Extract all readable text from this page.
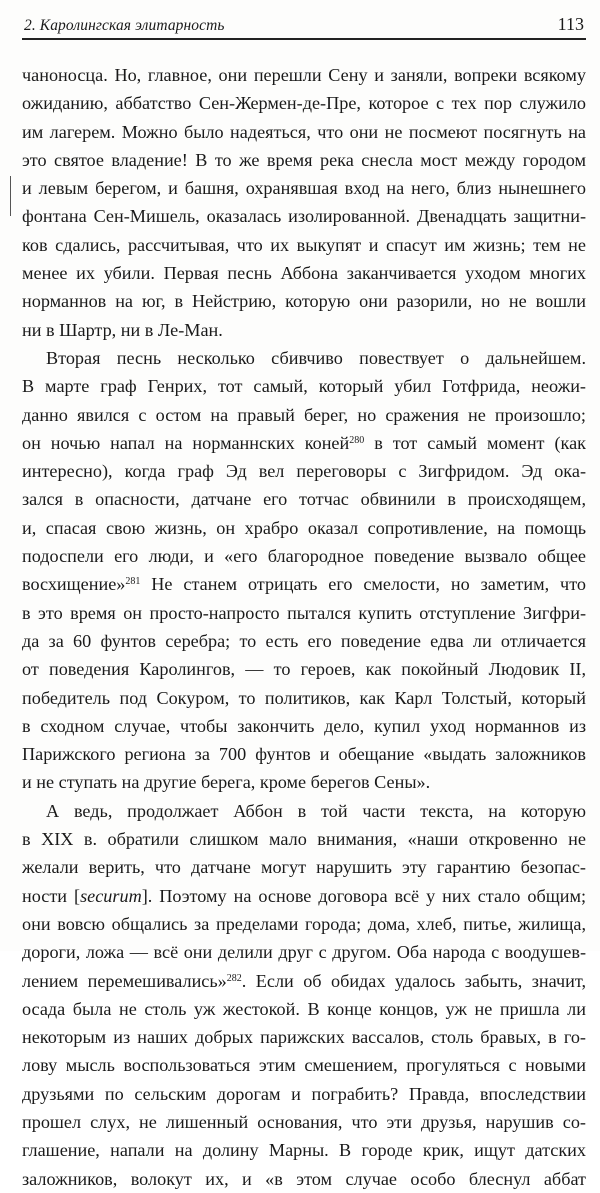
2. Каролингская элитарность	113
чаноносца. Но, главное, они перешли Сену и заняли, вопреки всякому
ожиданию, аббатство Сен-Жермен-де-Пре, которое с тех пор служило
им лагерем. Можно было надеяться, что они не посмеют посягнуть на
это святое владение! В то же время река снесла мост между городом
и левым берегом, и башня, охранявшая вход на него, близ нынешнего
фонтана Сен-Мишель, оказалась изолированной. Двенадцать защитни-
ков сдались, рассчитывая, что их выкупят и спасут им жизнь; тем не
менее их убили. Первая песнь Аббона заканчивается уходом многих
норманнов на юг, в Нейстрию, которую они разорили, но не вошли
ни в Шартр, ни в Ле-Ман.
Вторая песнь несколько сбивчиво повествует о дальнейшем.
В марте граф Генрих, тот самый, который убил Готфрида, неожи-
данно явился с остом на правый берег, но сражения не произошло;
он ночью напал на норманнских коней$^{280}$ в тот самый момент (как
интересно), когда граф Эд вел переговоры с Зигфридом. Эд ока-
зался в опасности, датчане его тотчас обвинили в происходящем,
и, спасая свою жизнь, он храбро оказал сопротивление, на помощь
подоспели его люди, и «его благородное поведение вызвало общее
восхищение»$^{281}$ Не станем отрицать его смелости, но заметим, что
в это время он просто-напросто пытался купить отступление Зигфри-
да за 60 фунтов серебра; то есть его поведение едва ли отличается
от поведения Каролингов, — то героев, как покойный Людовик II,
победитель под Сокуром, то политиков, как Карл Толстый, который
в сходном случае, чтобы закончить дело, купил уход норманнов из
Парижского региона за 700 фунтов и обещание «выдать заложников
и не ступать на другие берега, кроме берегов Сены».
А ведь, продолжает Аббон в той части текста, на которую
в XIX в. обратили слишком мало внимания, «наши откровенно не
желали верить, что датчане могут нарушить эту гарантию безопас-
ности [securum]. Поэтому на основе договора всё у них стало общим;
они вовсю общались за пределами города; дома, хлеб, питье, жилища,
дороги, ложа — всё они делили друг с другом. Оба народа с воодушев-
лением перемешивались»$^{282}$. Если об обидах удалось забыть, значит,
осада была не столь уж жестокой. В конце концов, уж не пришла ли
некоторым из наших добрых парижских вассалов, столь бравых, в го-
лову мысль воспользоваться этим смешением, прогуляться с новыми
друзьями по сельским дорогам и пограбить? Правда, впоследствии
прошел слух, не лишенный основания, что эти друзья, нарушив со-
глашение, напали на долину Марны. В городе крик, ищут датских
заложников, волокут их, и «в этом случае особо блеснул аббат
